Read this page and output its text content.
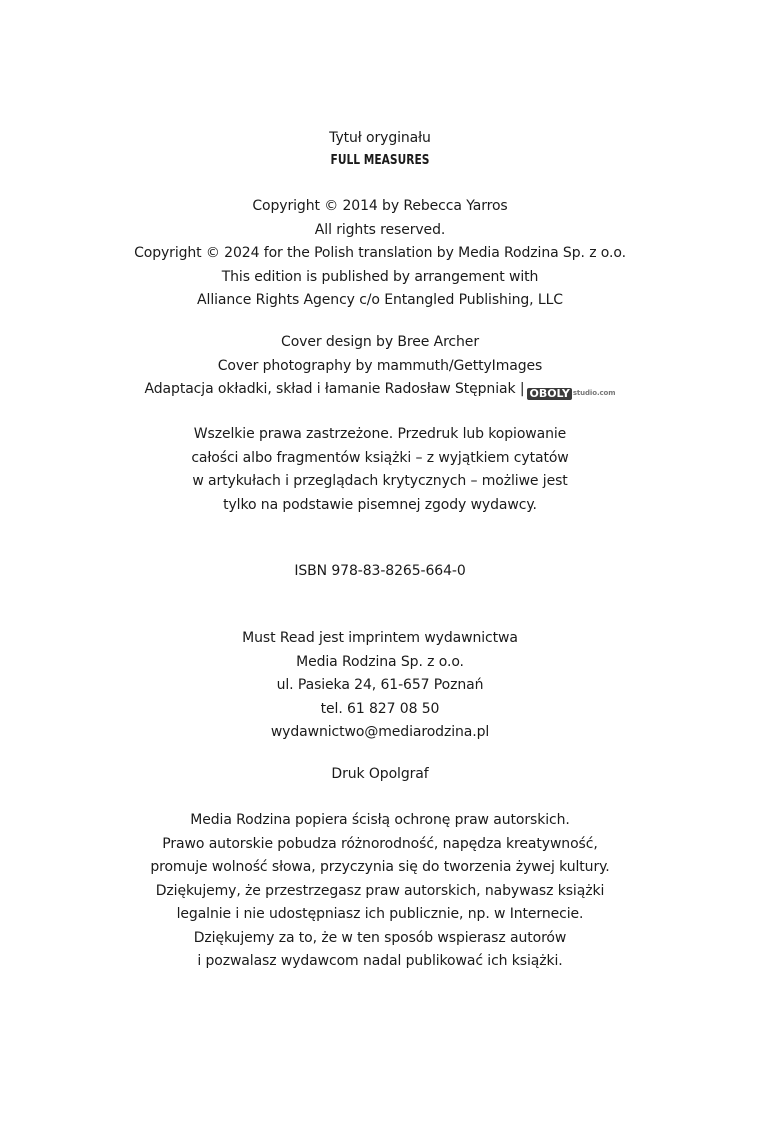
Tytuł oryginału
FULL MEASURES
Copyright © 2014 by Rebecca Yarros
All rights reserved.
Copyright © 2024 for the Polish translation by Media Rodzina Sp. z o.o.
This edition is published by arrangement with
Alliance Rights Agency c/o Entangled Publishing, LLC
Cover design by Bree Archer
Cover photography by mammuth/GettyImages
Adaptacja okładki, skład i łamanie Radosław Stępniak | OBOLY studio.com
Wszelkie prawa zastrzeżone. Przedruk lub kopiowanie
całości albo fragmentów książki – z wyjątkiem cytatów
w artykułach i przeglądach krytycznych – możliwe jest
tylko na podstawie pisemnej zgody wydawcy.
ISBN 978-83-8265-664-0
Must Read jest imprintem wydawnictwa
Media Rodzina Sp. z o.o.
ul. Pasieka 24, 61-657 Poznań
tel. 61 827 08 50
wydawnictwo@mediarodzina.pl
Druk Opolgraf
Media Rodzina popiera ścisłą ochronę praw autorskich.
Prawo autorskie pobudza różnorodność, napędza kreatywność,
promuje wolność słowa, przyczynia się do tworzenia żywej kultury.
Dziękujemy, że przestrzegasz praw autorskich, nabywasz książki
legalnie i nie udostępniasz ich publicznie, np. w Internecie.
Dziękujemy za to, że w ten sposób wspierasz autorów
i pozwalasz wydawcom nadal publikować ich książki.
